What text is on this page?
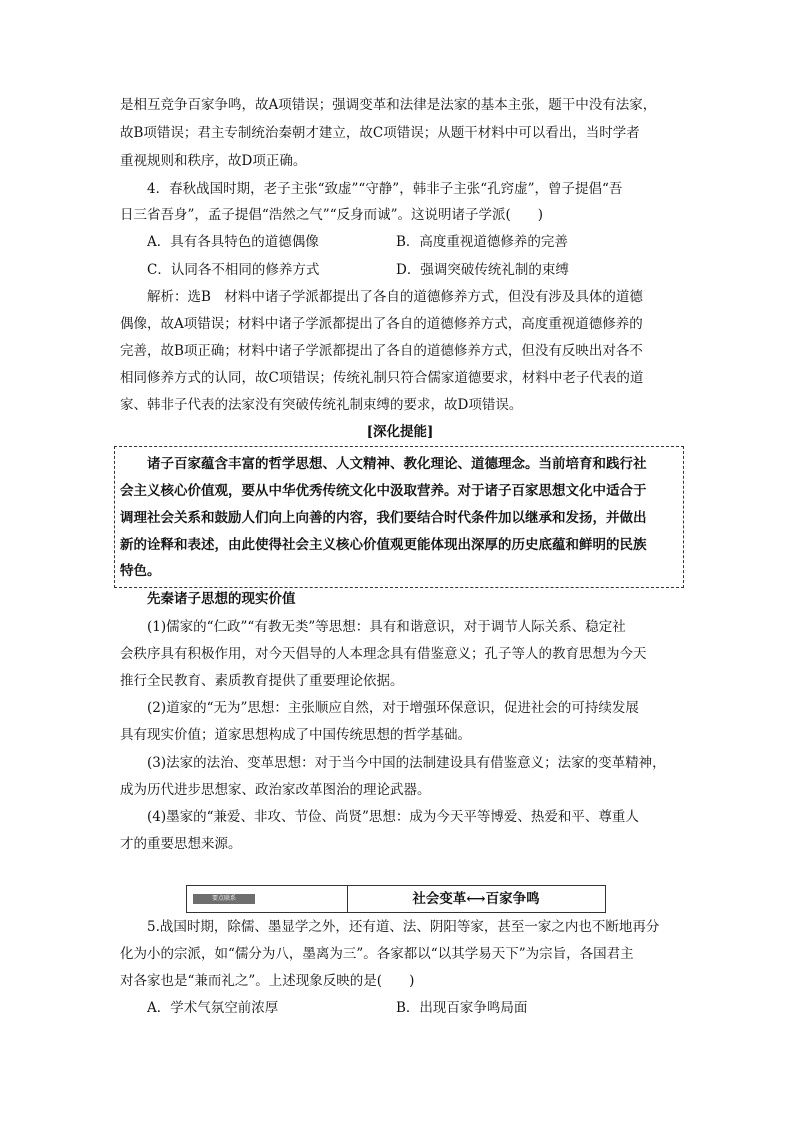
是相互竞争百家争鸣，故A项错误；强调变革和法律是法家的基本主张，题干中没有法家，
故B项错误；君主专制统治秦朝才建立，故C项错误；从题干材料中可以看出，当时学者
重视规则和秩序，故D项正确。
4．春秋战国时期，老子主张“致虚”“守静”，韩非子主张“孔窍虚”，曾子提倡“吾
日三省吾身”，孟子提倡“浩然之气”“反身而诚”。这说明诸子学派(　　)
A．具有各具特色的道德偶像	B．高度重视道德修养的完善
C．认同各不相同的修养方式	D．强调突破传统礼制的束缚
解析：选B　材料中诸子学派都提出了各自的道德修养方式，但没有涉及具体的道德
偶像，故A项错误；材料中诸子学派都提出了各自的道德修养方式，高度重视道德修养的
完善，故B项正确；材料中诸子学派都提出了各自的道德修养方式，但没有反映出对各不
相同修养方式的认同，故C项错误；传统礼制只符合儒家道德要求，材料中老子代表的道
家、韩非子代表的法家没有突破传统礼制束缚的要求，故D项错误。
[深化提能]
诸子百家蕴含丰富的哲学思想、人文精神、教化理论、道德理念。当前培育和践行社
会主义核心价值观，要从中华优秀传统文化中汲取营养。对于诸子百家思想文化中适合于
调理社会关系和鼓励人们向上向善的内容，我们要结合时代条件加以继承和发扬，并做出
新的诠释和表述，由此使得社会主义核心价值观更能体现出深厚的历史底蕴和鲜明的民族
特色。
先秦诸子思想的现实价值
(1)儒家的“仁政”“有教无类”等思想：具有和谐意识，对于调节人际关系、稳定社
会秩序具有积极作用，对今天倡导的人本理念具有借鉴意义；孔子等人的教育思想为今天
推行全民教育、素质教育提供了重要理论依据。
(2)道家的“无为”思想：主张顺应自然，对于增强环保意识，促进社会的可持续发展
具有现实价值；道家思想构成了中国传统思想的哲学基础。
(3)法家的法治、变革思想：对于当今中国的法制建设具有借鉴意义；法家的变革精神，
成为历代进步思想家、政治家改革图治的理论武器。
(4)墨家的“兼爱、非攻、节俭、尚贤”思想：成为今天平等博爱、热爱和平、尊重人
才的重要思想来源。
要点联系	社会变革⟷百家争鸣
5.战国时期，除儒、墨显学之外，还有道、法、阴阳等家，甚至一家之内也不断地再分
化为小的宗派，如“儒分为八，墨离为三”。各家都以“以其学易天下”为宗旨，各国君主
对各家也是“兼而礼之”。上述现象反映的是(　　)
A．学术气氛空前浓厚	B．出现百家争鸣局面
